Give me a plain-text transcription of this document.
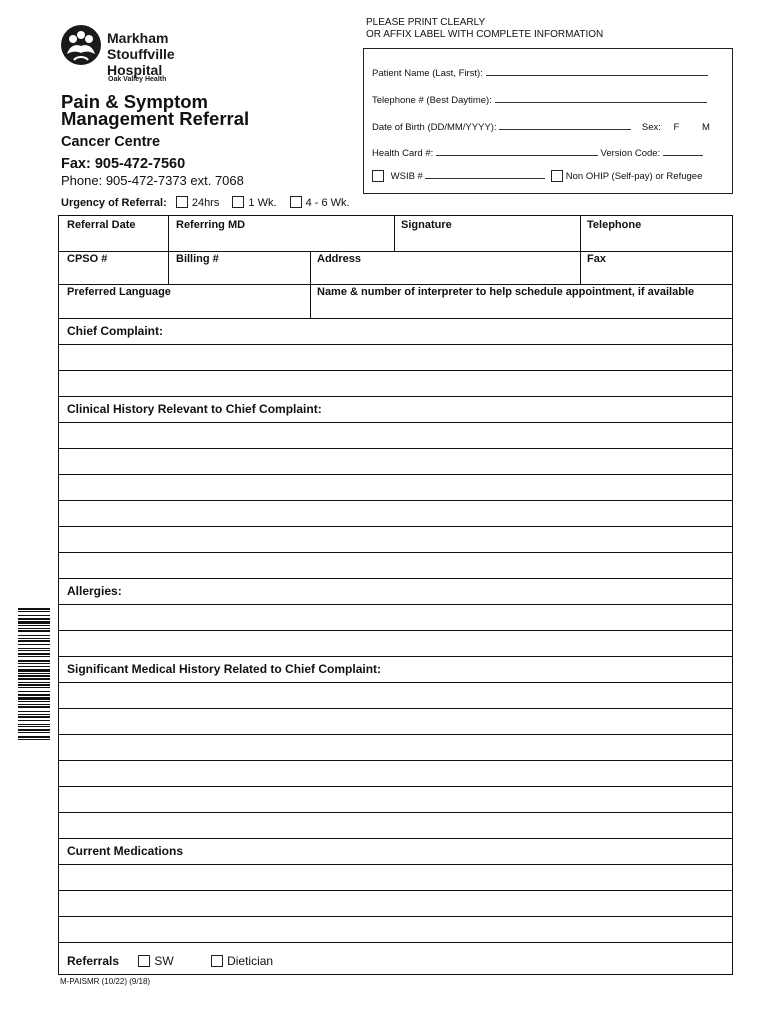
Markham
Stouffville
Hospital
Oak Valley Health
Pain & Symptom
Management Referral
Cancer Centre
Fax: 905-472-7560
Phone: 905-472-7373 ext. 7068
PLEASE PRINT CLEARLY
OR AFFIX LABEL WITH COMPLETE INFORMATION
Patient Name (Last, First):
Telephone # (Best Daytime):
Date of Birth (DD/MM/YYYY):	Sex: F M
Health Card #:	Version Code:
WSIB #	Non OHIP (Self-pay) or Refugee
Urgency of Referral: 24hrs	1 Wk.	4 - 6 Wk.
Referral Date	Referring MD	Signature	Telephone
CPSO #	Billing #	Address	Fax
Preferred Language	Name & number of interpreter to help schedule appointment, if available
Chief Complaint:
Clinical History Relevant to Chief Complaint:
Allergies:
Significant Medical History Related to Chief Complaint:
Current Medications
Referrals	SW	Dietician
M-PAISMR (10/22) (9/18)
